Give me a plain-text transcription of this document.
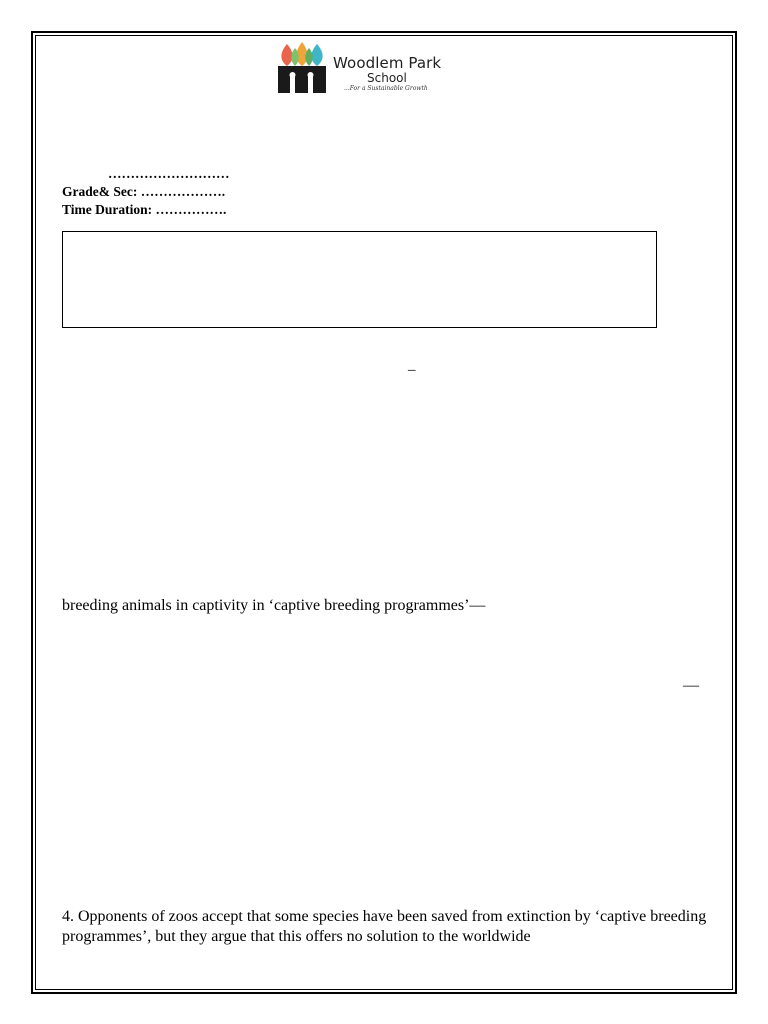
Woodlem Park
School
...For a Sustainable Growth
………………………
Grade& Sec: ……………….
Time Duration: …………….
–
breeding animals in captivity in ‘captive breeding programmes’—
—
4. Opponents of zoos accept that some species have been saved from extinction by ‘captive breeding programmes’, but they argue that this offers no solution to the worldwide
